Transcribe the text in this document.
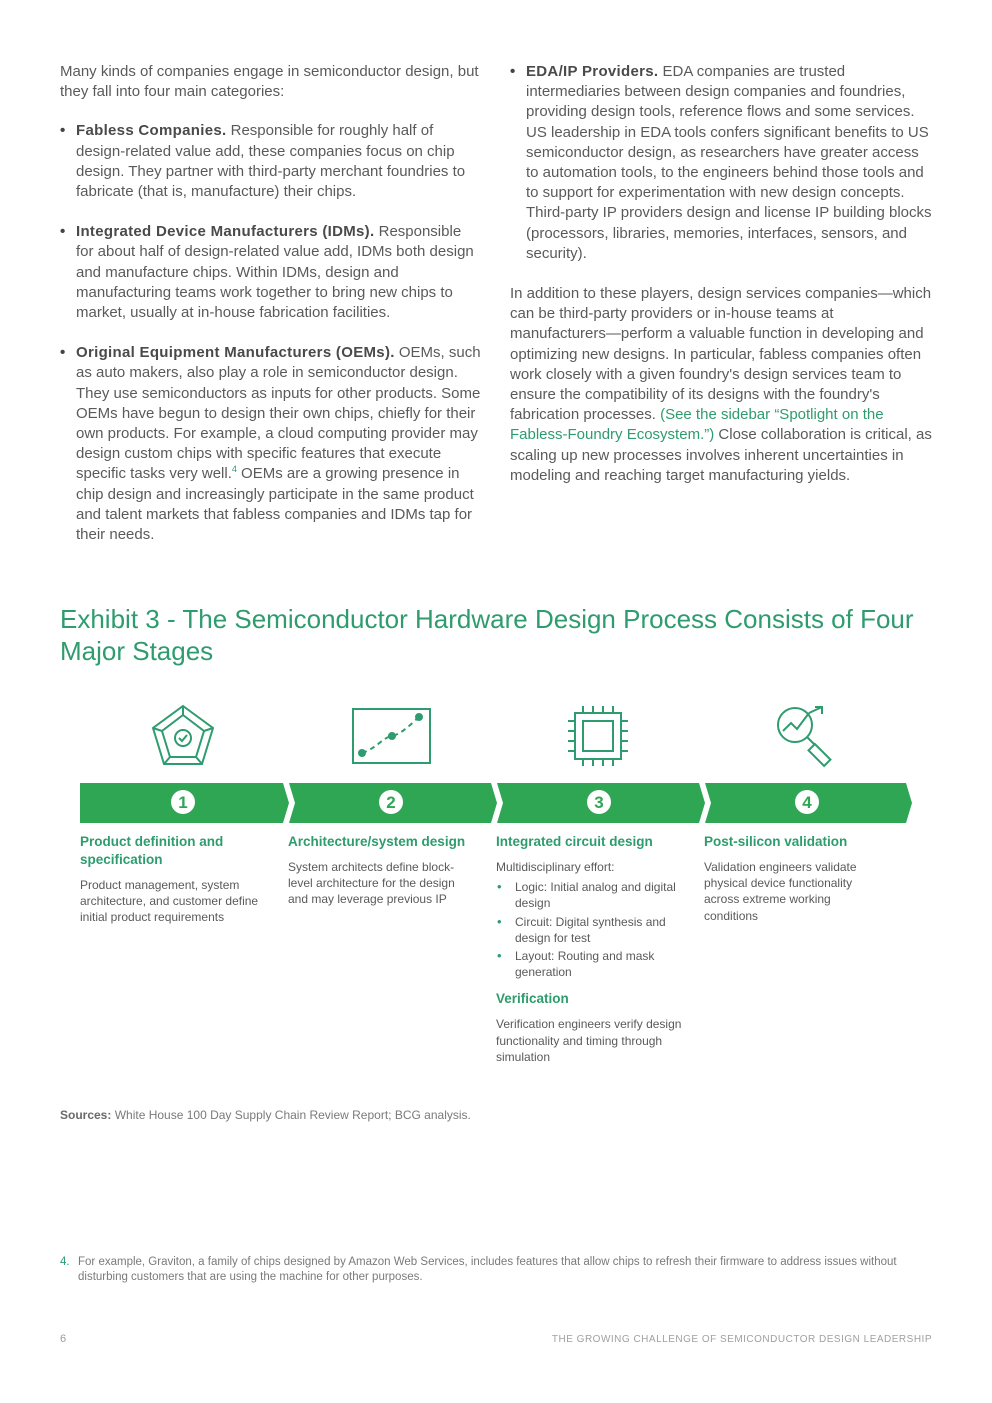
Many kinds of companies engage in semiconductor design, but they fall into four main categories:

• Fabless Companies. Responsible for roughly half of design-related value add, these companies focus on chip design. They partner with third-party merchant foundries to fabricate (that is, manufacture) their chips.

• Integrated Device Manufacturers (IDMs). Responsible for about half of design-related value add, IDMs both design and manufacture chips. Within IDMs, design and manufacturing teams work together to bring new chips to market, usually at in-house fabrication facilities.

• Original Equipment Manufacturers (OEMs). OEMs, such as auto makers, also play a role in semiconductor design. They use semiconductors as inputs for other products. Some OEMs have begun to design their own chips, chiefly for their own products. For example, a cloud computing provider may design custom chips with specific features that execute specific tasks very well.$^4$ OEMs are a growing presence in chip design and increasingly participate in the same product and talent markets that fabless companies and IDMs tap for their needs.

• EDA/IP Providers. EDA companies are trusted intermediaries between design companies and foundries, providing design tools, reference flows and some services. US leadership in EDA tools confers significant benefits to US semiconductor design, as researchers have greater access to automation tools, to the engineers behind those tools and to support for experimentation with new design concepts. Third-party IP providers design and license IP building blocks (processors, libraries, memories, interfaces, sensors, and security).

In addition to these players, design services companies—which can be third-party providers or in-house teams at manufacturers—perform a valuable function in developing and optimizing new designs. In particular, fabless companies often work closely with a given foundry's design services team to ensure the compatibility of its designs with the foundry's fabrication processes. (See the sidebar “Spotlight on the Fabless-Foundry Ecosystem.”) Close collaboration is critical, as scaling up new processes involves inherent uncertainties in modeling and reaching target manufacturing yields.

Exhibit 3 - The Semiconductor Hardware Design Process Consists of Four Major Stages
1	2	3	4

Product definition and specification

Product management, system architecture, and customer define initial product requirements

Architecture/system design

System architects define block-level architecture for the design and may leverage previous IP

Integrated circuit design

Multidisciplinary effort:

• Logic: Initial analog and digital design
• Circuit: Digital synthesis and design for test
• Layout: Routing and mask generation

Verification

Verification engineers verify design functionality and timing through simulation

Post-silicon validation

Validation engineers validate physical device functionality across extreme working conditions

Sources: White House 100 Day Supply Chain Review Report; BCG analysis.
4. For example, Graviton, a family of chips designed by Amazon Web Services, includes features that allow chips to refresh their firmware to address issues without disturbing customers that are using the machine for other purposes.
6	THE GROWING CHALLENGE OF SEMICONDUCTOR DESIGN LEADERSHIP
